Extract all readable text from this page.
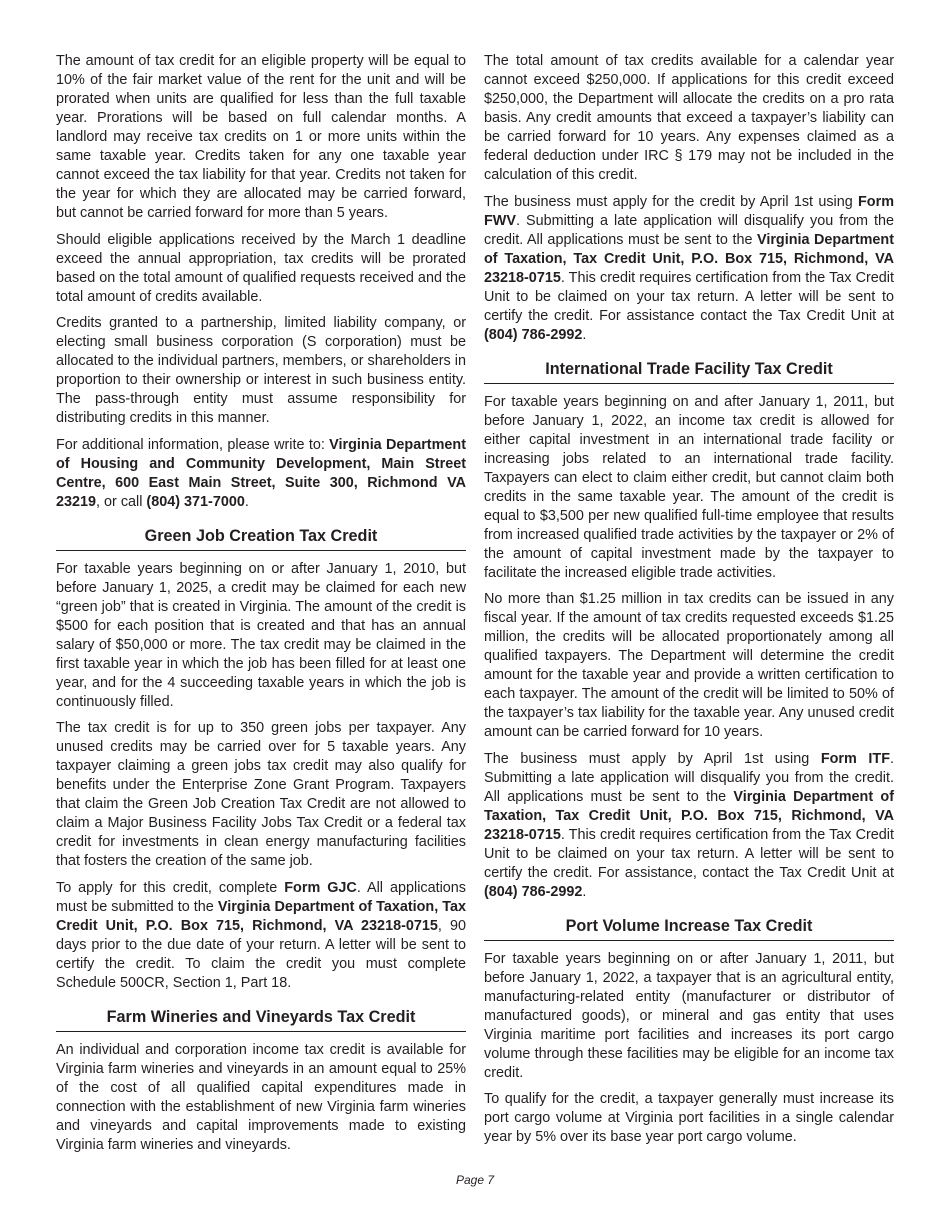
The amount of tax credit for an eligible property will be equal to 10% of the fair market value of the rent for the unit and will be prorated when units are qualified for less than the full taxable year. Prorations will be based on full calendar months. A landlord may receive tax credits on 1 or more units within the same taxable year. Credits taken for any one taxable year cannot exceed the tax liability for that year. Credits not taken for the year for which they are allocated may be carried forward, but cannot be carried forward for more than 5 years.

Should eligible applications received by the March 1 deadline exceed the annual appropriation, tax credits will be prorated based on the total amount of qualified requests received and the total amount of credits available.

Credits granted to a partnership, limited liability company, or electing small business corporation (S corporation) must be allocated to the individual partners, members, or shareholders in proportion to their ownership or interest in such business entity. The pass-through entity must assume responsibility for distributing credits in this manner.

For additional information, please write to: Virginia Department of Housing and Community Development, Main Street Centre, 600 East Main Street, Suite 300, Richmond VA 23219, or call (804) 371-7000.

Green Job Creation Tax Credit

For taxable years beginning on or after January 1, 2010, but before January 1, 2025, a credit may be claimed for each new “green job” that is created in Virginia. The amount of the credit is $500 for each position that is created and that has an annual salary of $50,000 or more. The tax credit may be claimed in the first taxable year in which the job has been filled for at least one year, and for the 4 succeeding taxable years in which the job is continuously filled.

The tax credit is for up to 350 green jobs per taxpayer. Any unused credits may be carried over for 5 taxable years. Any taxpayer claiming a green jobs tax credit may also qualify for benefits under the Enterprise Zone Grant Program. Taxpayers that claim the Green Job Creation Tax Credit are not allowed to claim a Major Business Facility Jobs Tax Credit or a federal tax credit for investments in clean energy manufacturing facilities that fosters the creation of the same job.

To apply for this credit, complete Form GJC. All applications must be submitted to the Virginia Department of Taxation, Tax Credit Unit, P.O. Box 715, Richmond, VA 23218-0715, 90 days prior to the due date of your return. A letter will be sent to certify the credit. To claim the credit you must complete Schedule 500CR, Section 1, Part 18.

Farm Wineries and Vineyards Tax Credit

An individual and corporation income tax credit is available for Virginia farm wineries and vineyards in an amount equal to 25% of the cost of all qualified capital expenditures made in connection with the establishment of new Virginia farm wineries and vineyards and capital improvements made to existing Virginia farm wineries and vineyards.

The total amount of tax credits available for a calendar year cannot exceed $250,000. If applications for this credit exceed $250,000, the Department will allocate the credits on a pro rata basis. Any credit amounts that exceed a taxpayer’s liability can be carried forward for 10 years. Any expenses claimed as a federal deduction under IRC § 179 may not be included in the calculation of this credit.

The business must apply for the credit by April 1st using Form FWV. Submitting a late application will disqualify you from the credit. All applications must be sent to the Virginia Department of Taxation, Tax Credit Unit, P.O. Box 715, Richmond, VA 23218-0715. This credit requires certification from the Tax Credit Unit to be claimed on your tax return. A letter will be sent to certify the credit. For assistance contact the Tax Credit Unit at (804) 786-2992.

International Trade Facility Tax Credit

For taxable years beginning on and after January 1, 2011, but before January 1, 2022, an income tax credit is allowed for either capital investment in an international trade facility or increasing jobs related to an international trade facility. Taxpayers can elect to claim either credit, but cannot claim both credits in the same taxable year. The amount of the credit is equal to $3,500 per new qualified full-time employee that results from increased qualified trade activities by the taxpayer or 2% of the amount of capital investment made by the taxpayer to facilitate the increased eligible trade activities.

No more than $1.25 million in tax credits can be issued in any fiscal year. If the amount of tax credits requested exceeds $1.25 million, the credits will be allocated proportionately among all qualified taxpayers. The Department will determine the credit amount for the taxable year and provide a written certification to each taxpayer. The amount of the credit will be limited to 50% of the taxpayer’s tax liability for the taxable year. Any unused credit amount can be carried forward for 10 years.

The business must apply by April 1st using Form ITF. Submitting a late application will disqualify you from the credit. All applications must be sent to the Virginia Department of Taxation, Tax Credit Unit, P.O. Box 715, Richmond, VA 23218-0715. This credit requires certification from the Tax Credit Unit to be claimed on your tax return. A letter will be sent to certify the credit. For assistance, contact the Tax Credit Unit at (804) 786-2992.

Port Volume Increase Tax Credit

For taxable years beginning on or after January 1, 2011, but before January 1, 2022, a taxpayer that is an agricultural entity, manufacturing-related entity (manufacturer or distributor of manufactured goods), or mineral and gas entity that uses Virginia maritime port facilities and increases its port cargo volume through these facilities may be eligible for an income tax credit.

To qualify for the credit, a taxpayer generally must increase its port cargo volume at Virginia port facilities in a single calendar year by 5% over its base year port cargo volume.

Page 7
